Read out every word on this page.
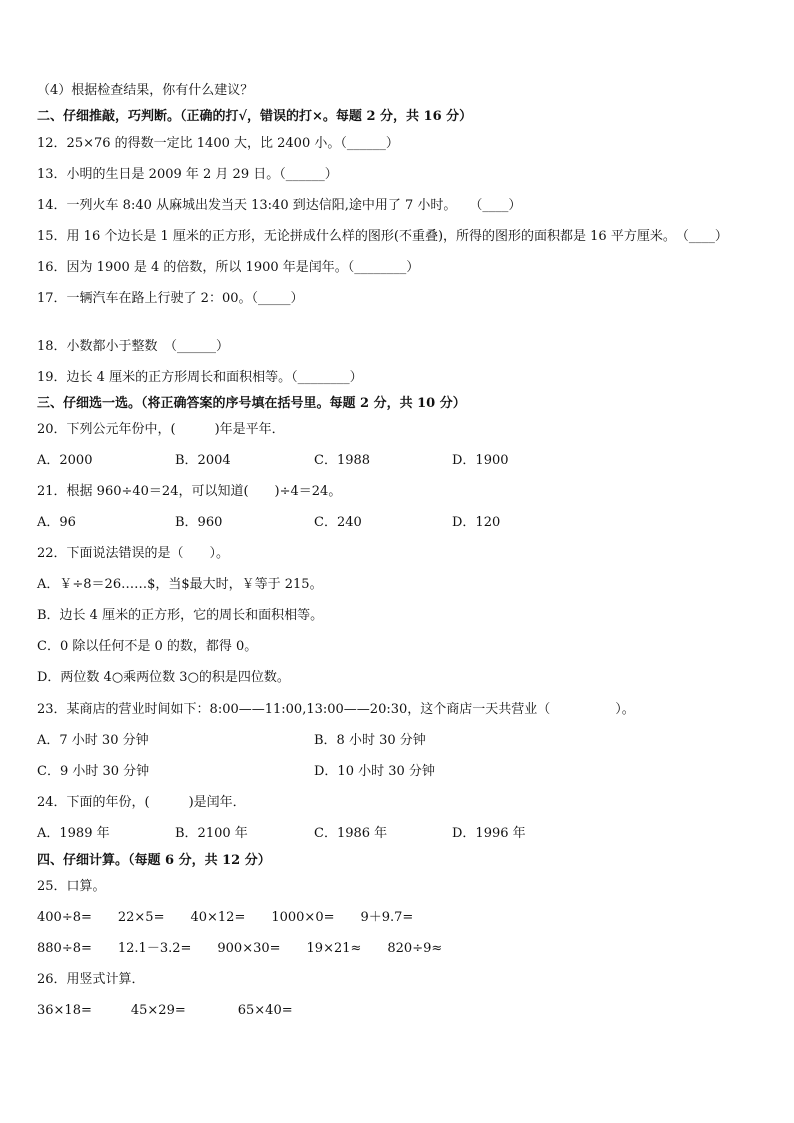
（4）根据检查结果，你有什么建议？
二、仔细推敲，巧判断。（正确的打√，错误的打×。每题 2 分，共 16 分）
12．25×76 的得数一定比 1400 大，比 2400 小。（______）
13．小明的生日是 2009 年 2 月 29 日。（______）
14．一列火车 8:40 从麻城出发当天 13:40 到达信阳,途中用了 7 小时。　　（____）
15．用 16 个边长是 1 厘米的正方形，无论拼成什么样的图形(不重叠)，所得的图形的面积都是 16 平方厘米。　（____）
16．因为 1900 是 4 的倍数，所以 1900 年是闰年。（________）
17．一辆汽车在路上行驶了 2：00。（_____）
18．小数都小于整数　（______）
19．边长 4 厘米的正方形周长和面积相等。（________）
三、仔细选一选。（将正确答案的序号填在括号里。每题 2 分，共 10 分）
20．下列公元年份中，(　　　)年是平年．
A．2000	B．2004	C．1988	D．1900
21．根据 960÷40＝24，可以知道(　　)÷4＝24。
A．96	B．960	C．240	D．120
22．下面说法错误的是（　　）。
A．￥÷8＝26……$，当$最大时，￥等于 215。
B．边长 4 厘米的正方形，它的周长和面积相等。
C．0 除以任何不是 0 的数，都得 0。
D．两位数 4○乘两位数 3○的积是四位数。
23．某商店的营业时间如下：8:00——11:00,13:00——20:30，这个商店一天共营业（　　　　　）。
A．7 小时 30 分钟	B．8 小时 30 分钟
C．9 小时 30 分钟	D．10 小时 30 分钟
24．下面的年份，(　　　)是闰年．
A．1989 年	B．2100 年	C．1986 年	D．1996 年
四、仔细计算。（每题 6 分，共 12 分）
25．口算。
400÷8=　　22×5=　　40×12=　　1000×0=　　9＋9.7=
880÷8=　　12.1－3.2=　　900×30=　　19×21≈　　820÷9≈
26．用竖式计算．
36×18=　　　45×29=　　　　65×40=
